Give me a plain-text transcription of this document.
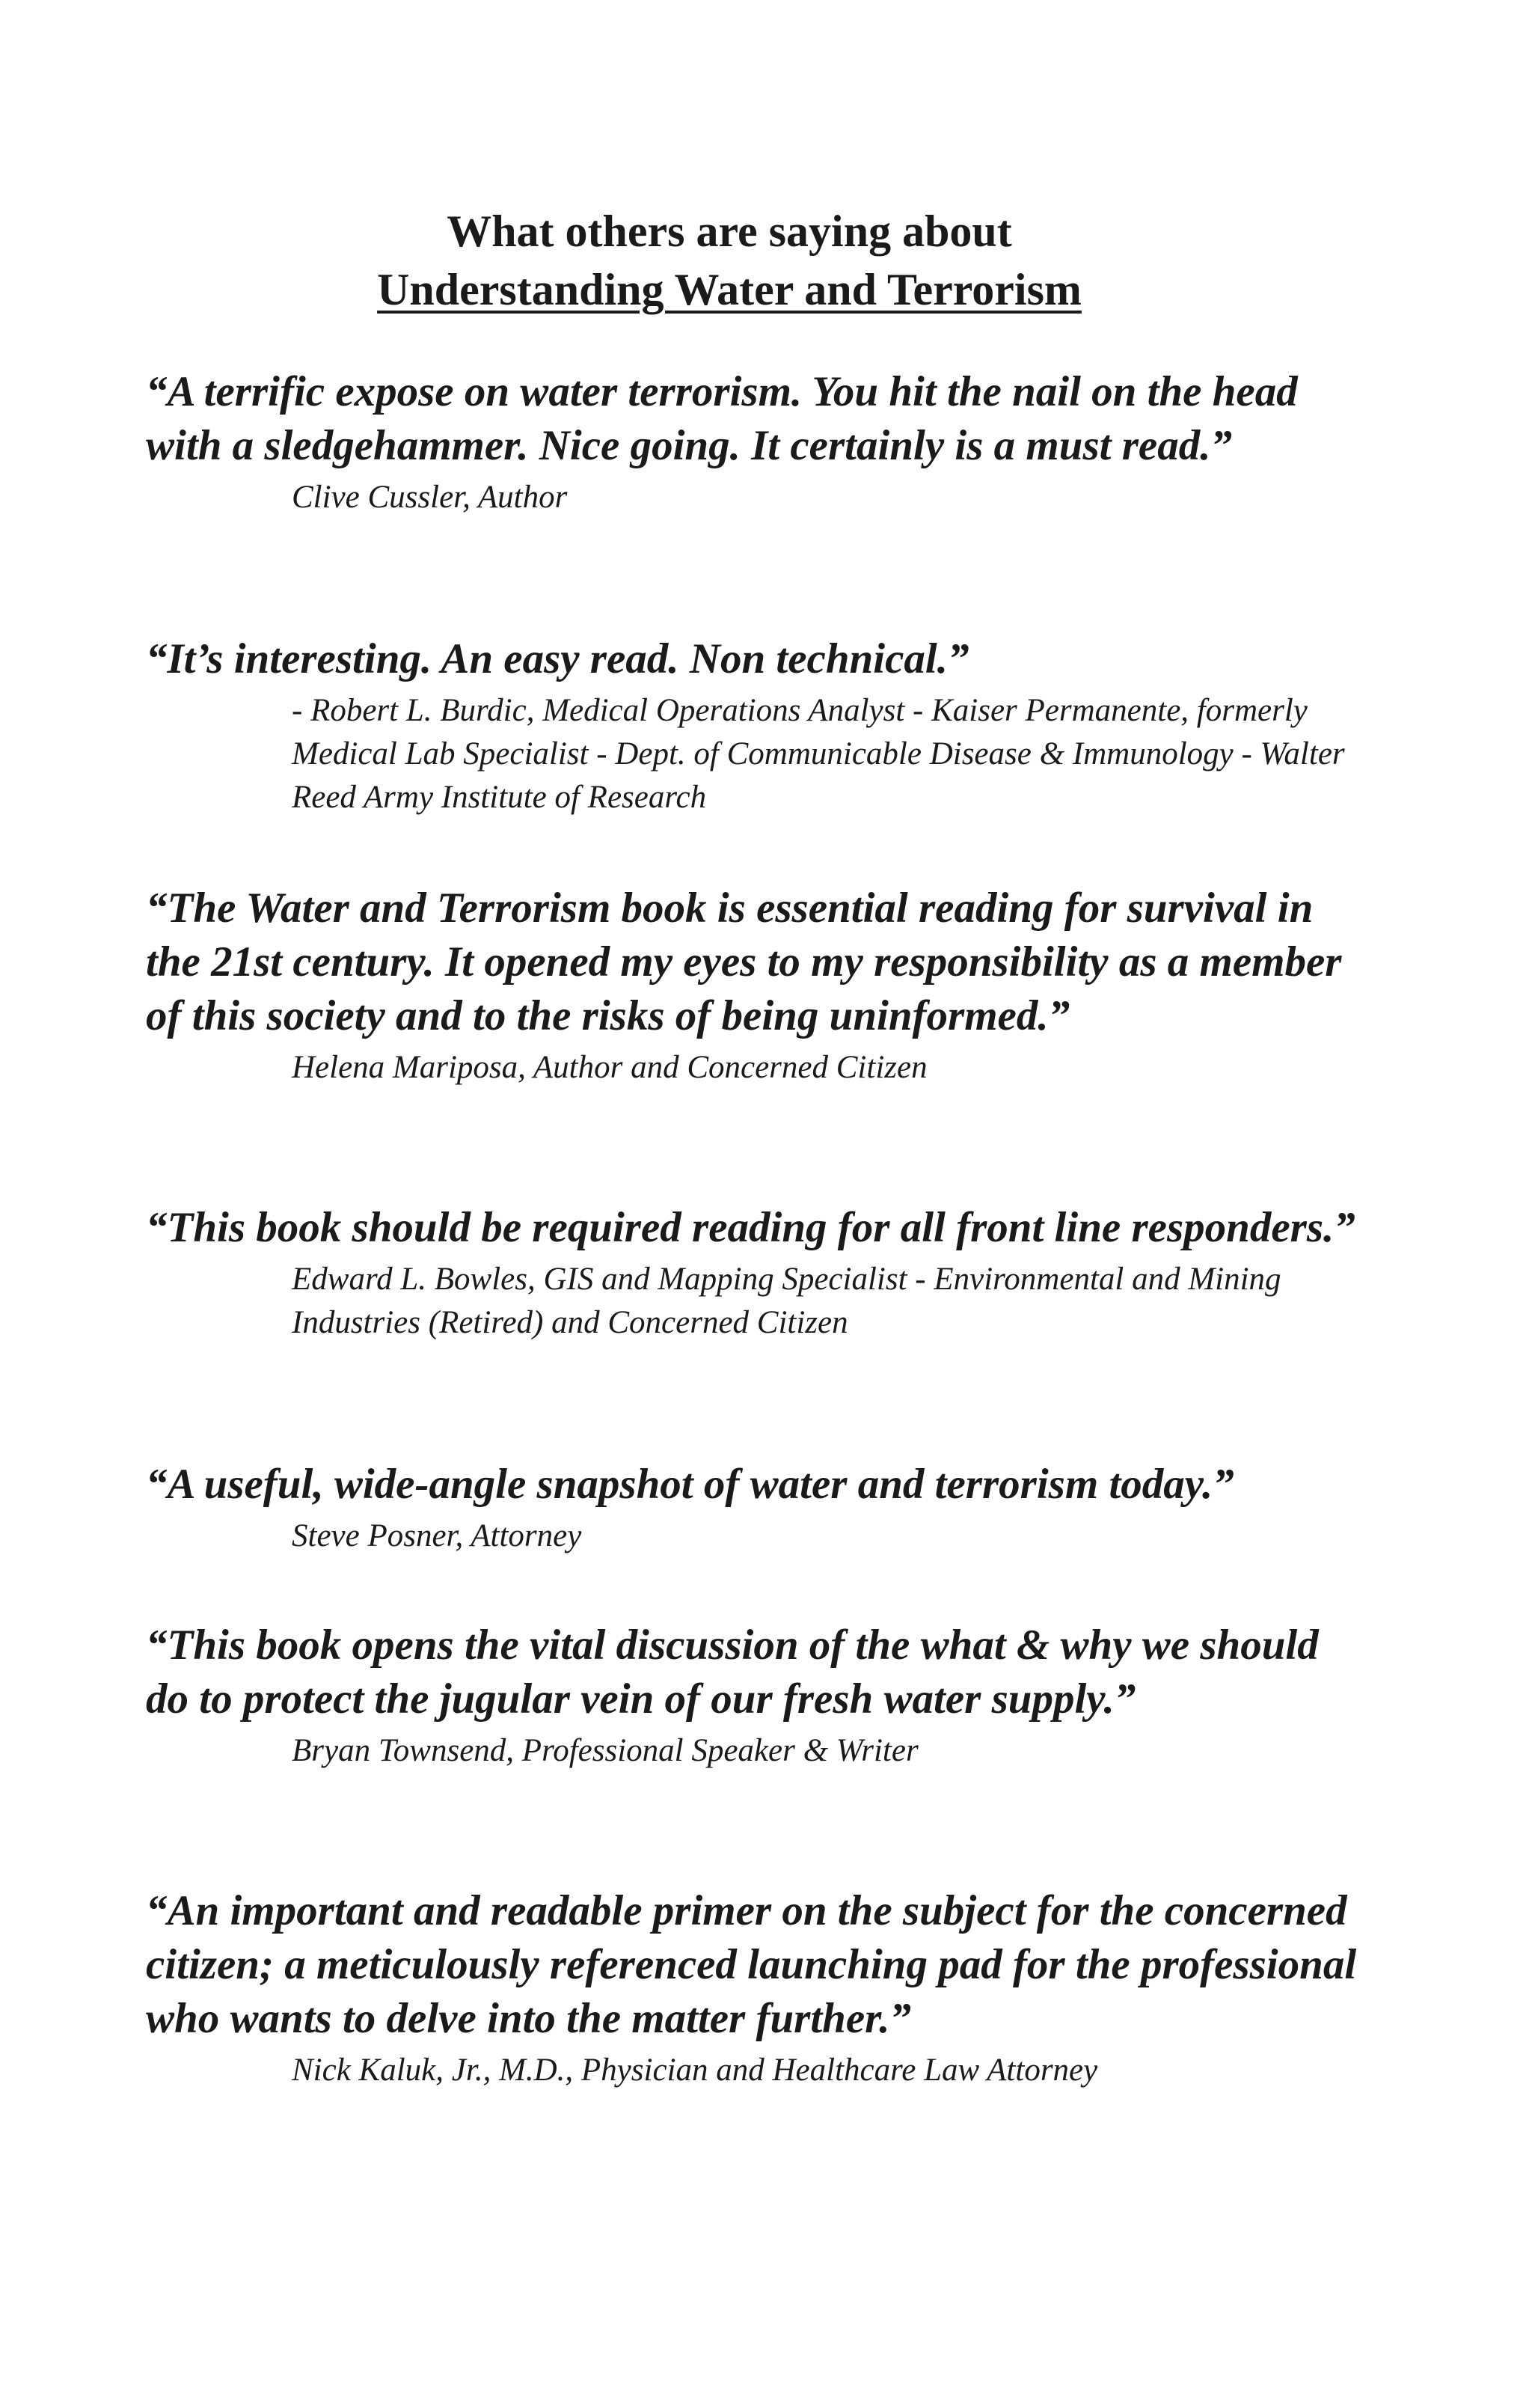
What others are saying about
Understanding Water and Terrorism

“A terrific expose on water terrorism. You hit the nail on the head with a sledgehammer. Nice going. It certainly is a must read.”

Clive Cussler, Author

“It’s interesting. An easy read. Non technical.”

- Robert L. Burdic, Medical Operations Analyst - Kaiser Permanente, formerly Medical Lab Specialist - Dept. of Communicable Disease & Immunology - Walter Reed Army Institute of Research

“The Water and Terrorism book is essential reading for survival in the 21st century. It opened my eyes to my responsibility as a member of this society and to the risks of being uninformed.”

Helena Mariposa, Author and Concerned Citizen

“This book should be required reading for all front line responders.”

Edward L. Bowles, GIS and Mapping Specialist - Environmental and Mining Industries (Retired) and Concerned Citizen

“A useful, wide-angle snapshot of water and terrorism today.”

Steve Posner, Attorney

“This book opens the vital discussion of the what & why we should do to protect the jugular vein of our fresh water supply.”

Bryan Townsend, Professional Speaker & Writer

“An important and readable primer on the subject for the concerned citizen; a meticulously referenced launching pad for the professional who wants to delve into the matter further.”

Nick Kaluk, Jr., M.D., Physician and Healthcare Law Attorney
